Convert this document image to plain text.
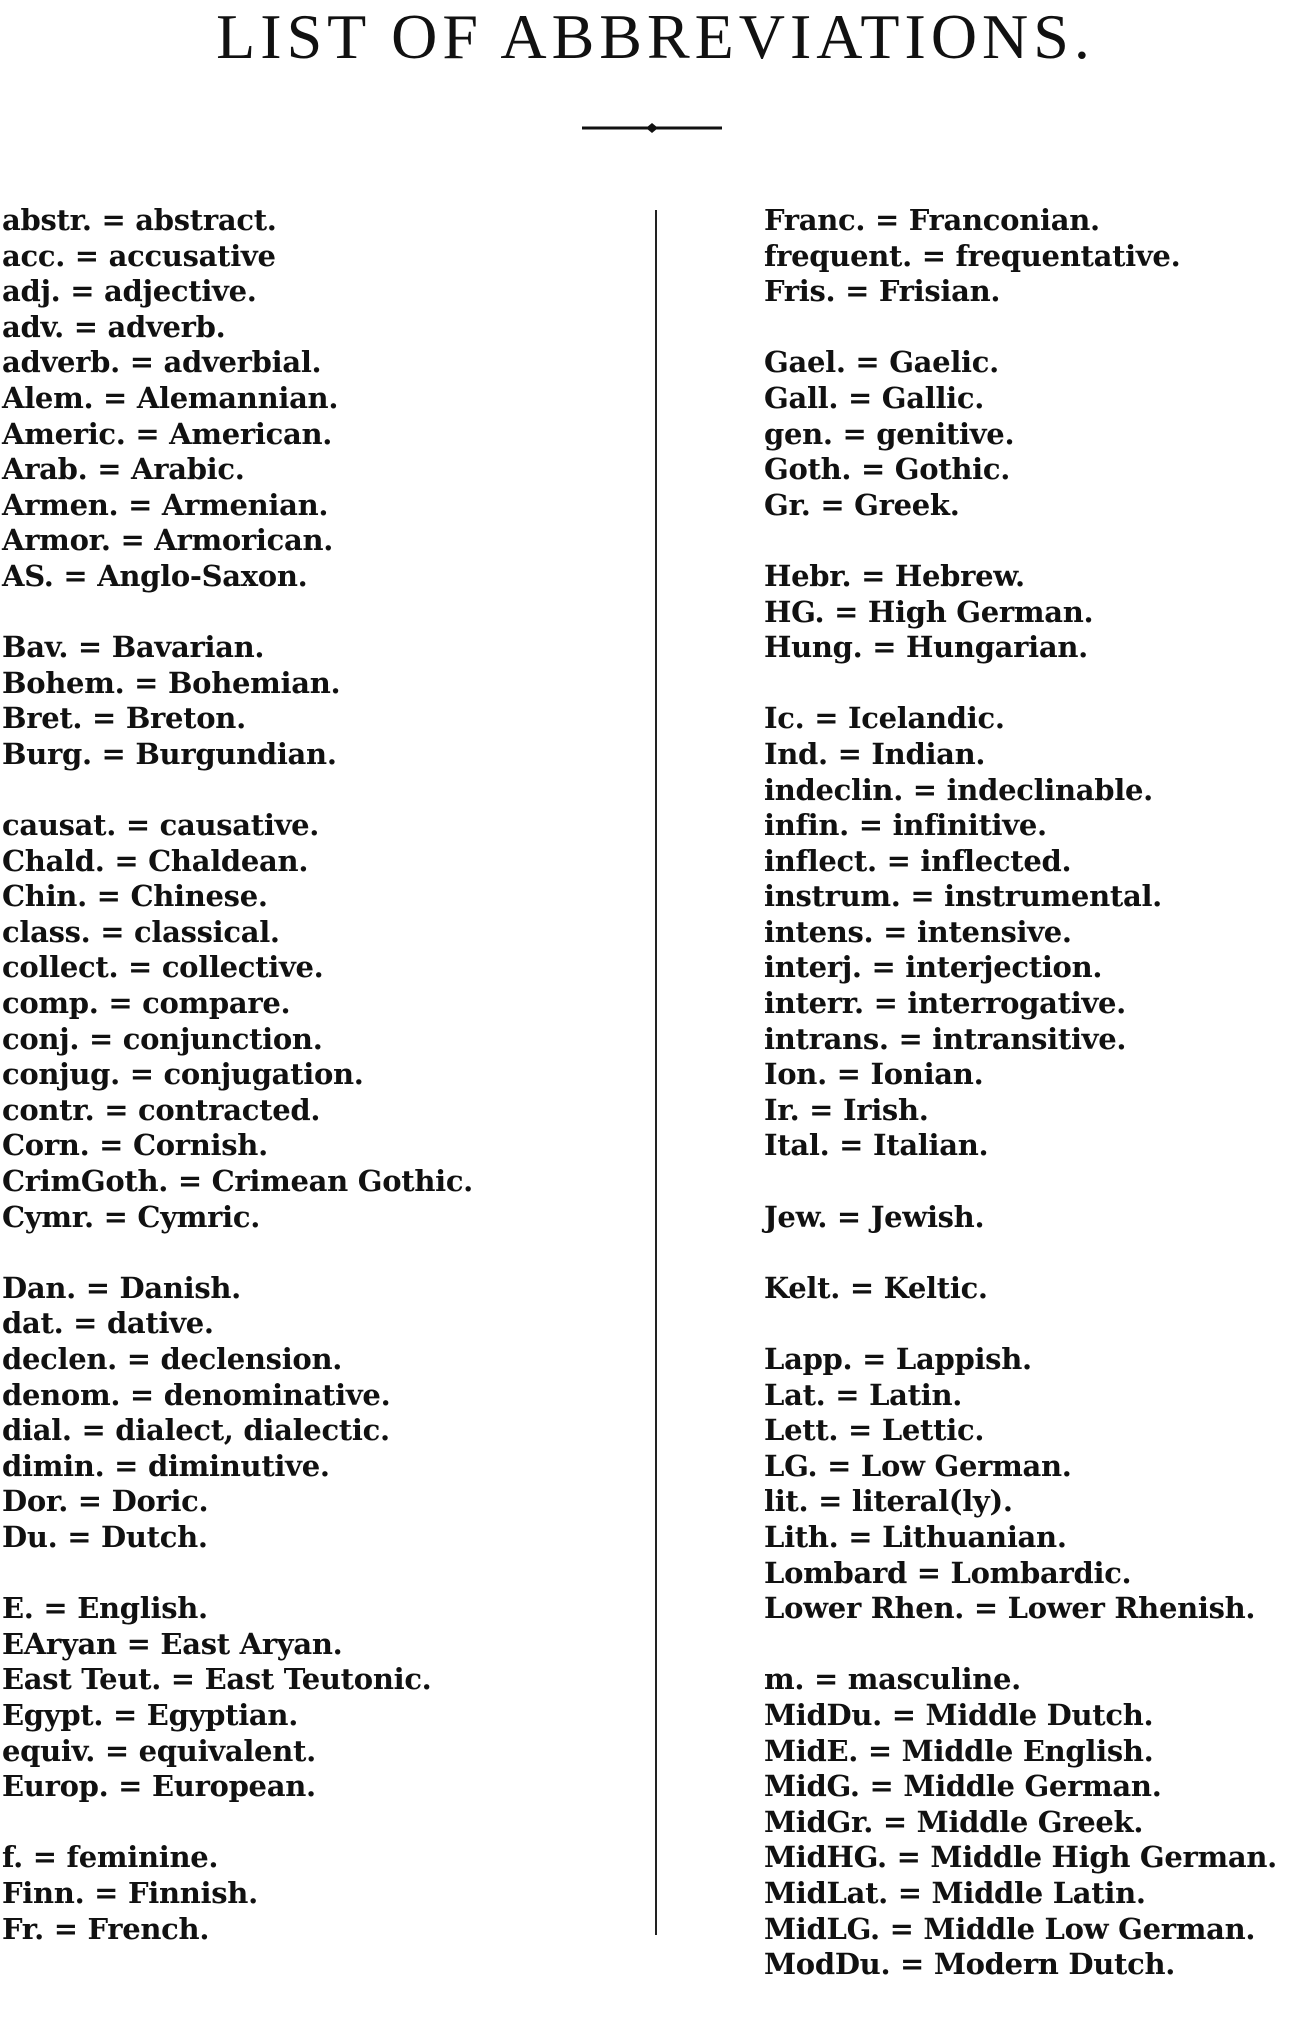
LIST OF ABBREVIATIONS.
abstr. = abstract.
acc. = accusative
adj. = adjective.
adv. = adverb.
adverb. = adverbial.
Alem. = Alemannian.
Americ. = American.
Arab. = Arabic.
Armen. = Armenian.
Armor. = Armorican.
AS. = Anglo-Saxon.
Bav. = Bavarian.
Bohem. = Bohemian.
Bret. = Breton.
Burg. = Burgundian.
causat. = causative.
Chald. = Chaldean.
Chin. = Chinese.
class. = classical.
collect. = collective.
comp. = compare.
conj. = conjunction.
conjug. = conjugation.
contr. = contracted.
Corn. = Cornish.
CrimGoth. = Crimean Gothic.
Cymr. = Cymric.
Dan. = Danish.
dat. = dative.
declen. = declension.
denom. = denominative.
dial. = dialect, dialectic.
dimin. = diminutive.
Dor. = Doric.
Du. = Dutch.
E. = English.
EAryan = East Aryan.
East Teut. = East Teutonic.
Egypt. = Egyptian.
equiv. = equivalent.
Europ. = European.
f. = feminine.
Finn. = Finnish.
Fr. = French.
Franc. = Franconian.
frequent. = frequentative.
Fris. = Frisian.
Gael. = Gaelic.
Gall. = Gallic.
gen. = genitive.
Goth. = Gothic.
Gr. = Greek.
Hebr. = Hebrew.
HG. = High German.
Hung. = Hungarian.
Ic. = Icelandic.
Ind. = Indian.
indeclin. = indeclinable.
infin. = infinitive.
inflect. = inflected.
instrum. = instrumental.
intens. = intensive.
interj. = interjection.
interr. = interrogative.
intrans. = intransitive.
Ion. = Ionian.
Ir. = Irish.
Ital. = Italian.
Jew. = Jewish.
Kelt. = Keltic.
Lapp. = Lappish.
Lat. = Latin.
Lett. = Lettic.
LG. = Low German.
lit. = literal(ly).
Lith. = Lithuanian.
Lombard = Lombardic.
Lower Rhen. = Lower Rhenish.
m. = masculine.
MidDu. = Middle Dutch.
MidE. = Middle English.
MidG. = Middle German.
MidGr. = Middle Greek.
MidHG. = Middle High German.
MidLat. = Middle Latin.
MidLG. = Middle Low German.
ModDu. = Modern Dutch.
